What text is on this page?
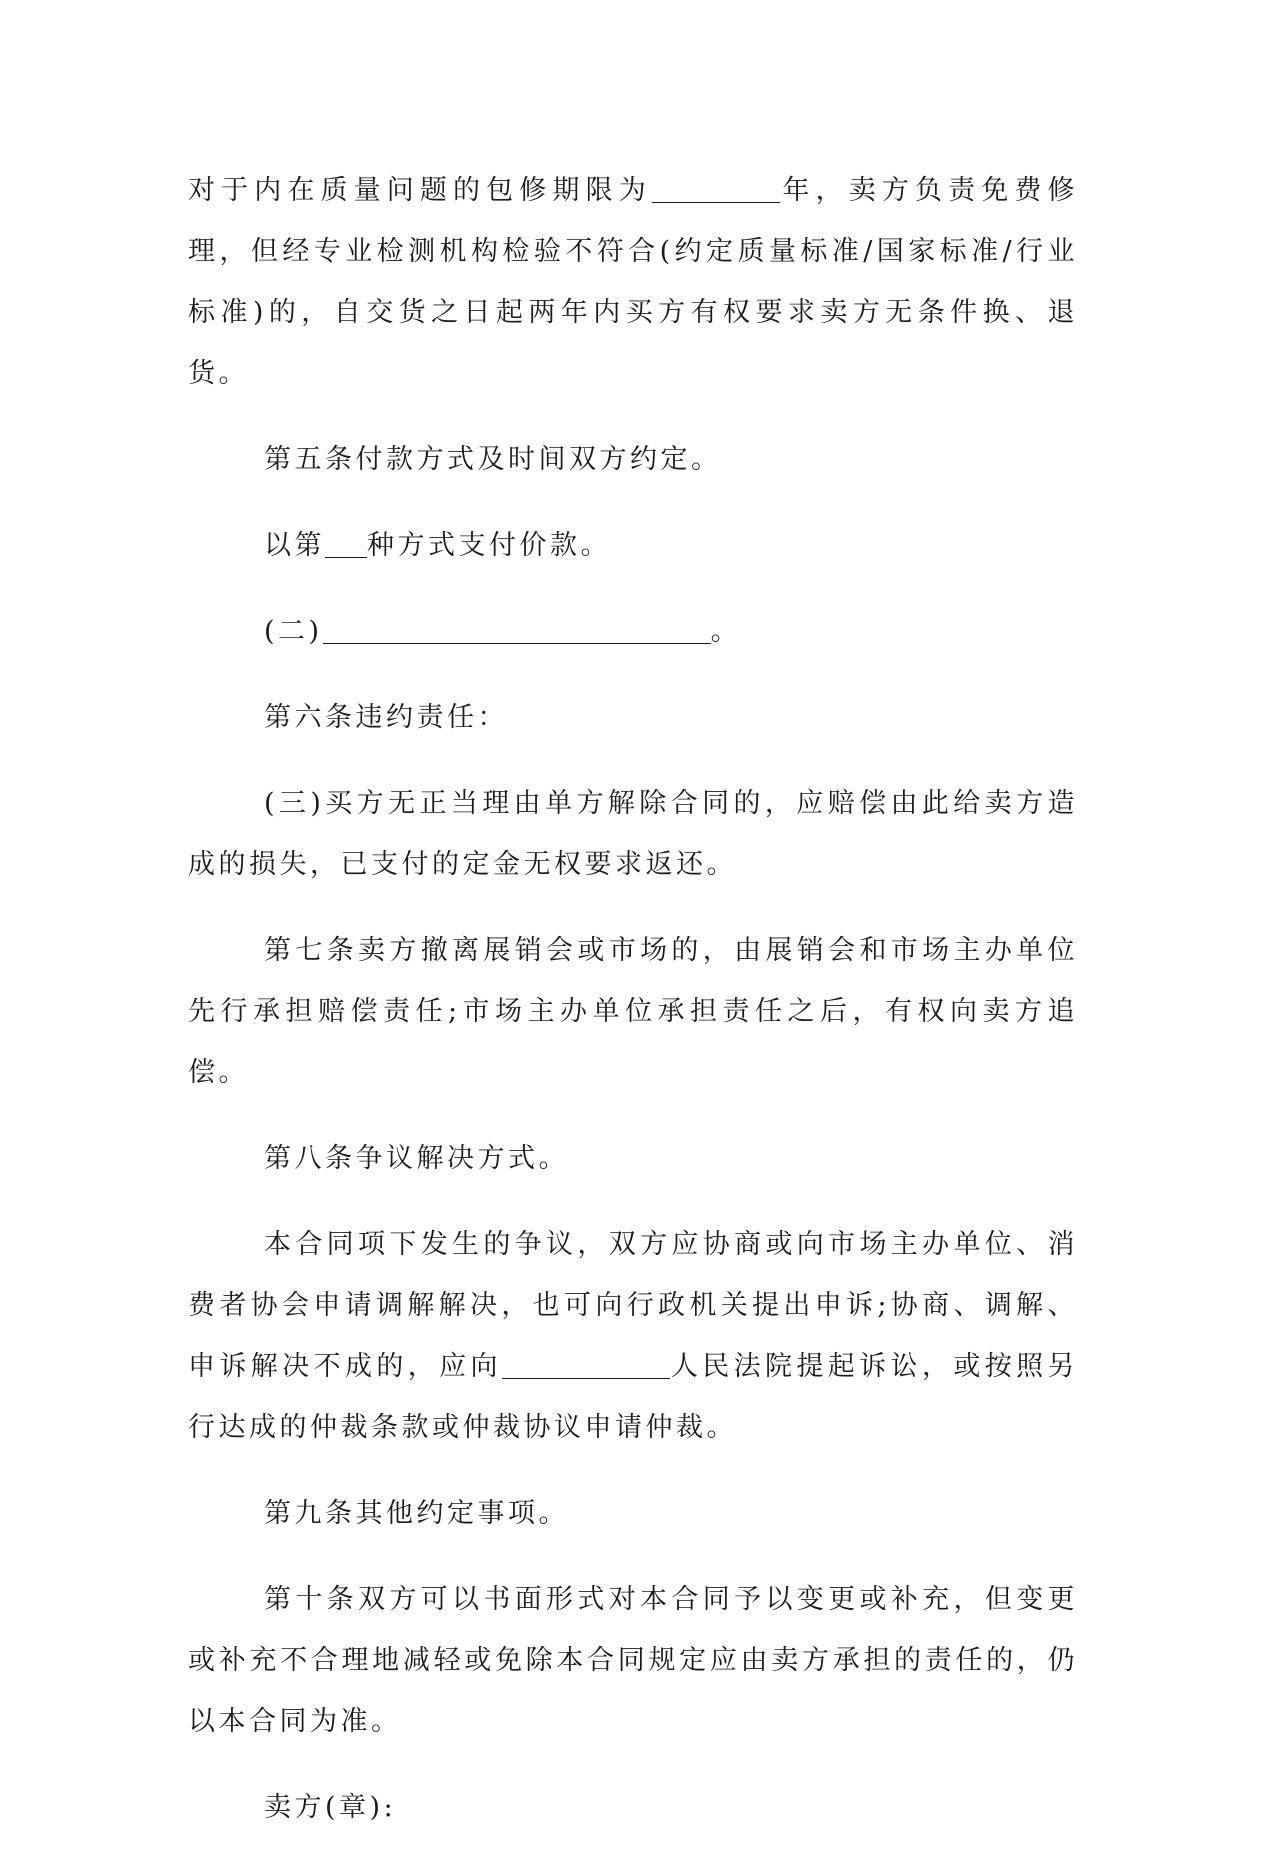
对于内在质量问题的包修期限为	年，卖方负责免费修理，但经专业检测机构检验不符合(约定质量标准/国家标准/行业标准)的，自交货之日起两年内买方有权要求卖方无条件换、退货。

第五条付款方式及时间双方约定。

以第 种方式支付价款。

(二)	。

第六条违约责任：

(三)买方无正当理由单方解除合同的，应赔偿由此给卖方造成的损失，已支付的定金无权要求返还。

第七条卖方撤离展销会或市场的，由展销会和市场主办单位先行承担赔偿责任;市场主办单位承担责任之后，有权向卖方追偿。

第八条争议解决方式。

本合同项下发生的争议，双方应协商或向市场主办单位、消费者协会申请调解解决，也可向行政机关提出申诉;协商、调解、申诉解决不成的，应向	人民法院提起诉讼，或按照另行达成的仲裁条款或仲裁协议申请仲裁。

第九条其他约定事项。

第十条双方可以书面形式对本合同予以变更或补充，但变更或补充不合理地减轻或免除本合同规定应由卖方承担的责任的，仍以本合同为准。

卖方(章):
